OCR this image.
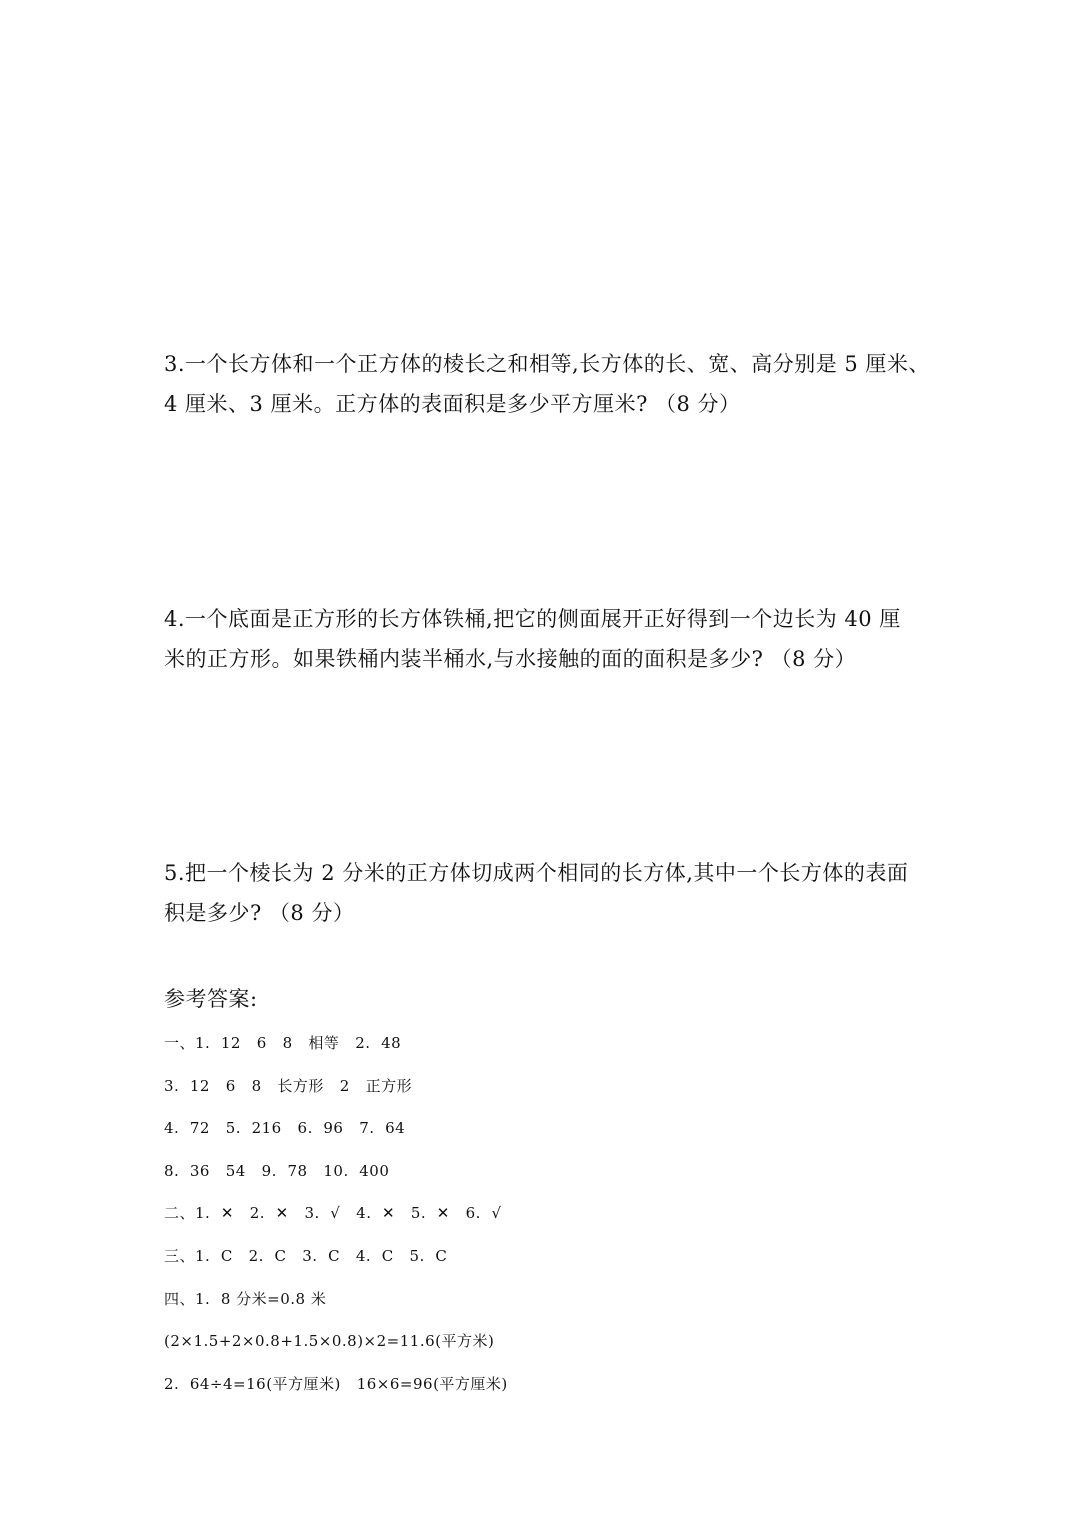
3.一个长方体和一个正方体的棱长之和相等,长方体的长、宽、高分别是 5 厘米、

4 厘米、3 厘米。正方体的表面积是多少平方厘米? （8 分）

4.一个底面是正方形的长方体铁桶,把它的侧面展开正好得到一个边长为 40 厘

米的正方形。如果铁桶内装半桶水,与水接触的面的面积是多少? （8 分）

5.把一个棱长为 2 分米的正方体切成两个相同的长方体,其中一个长方体的表面

积是多少? （8 分）

参考答案:

一、1.  12   6   8   相等   2.  48
3.  12   6   8   长方形   2   正方形
4.  72   5.  216   6.  96   7.  64
8.  36   54   9.  78   10.  400
二、1.  ✕   2.  ✕   3.  √   4.  ✕   5.  ✕   6.  √
三、1.  C   2.  C   3.  C   4.  C   5.  C
四、1.  8 分米=0.8 米
(2×1.5+2×0.8+1.5×0.8)×2=11.6(平方米)
2.  64÷4=16(平方厘米)   16×6=96(平方厘米)
